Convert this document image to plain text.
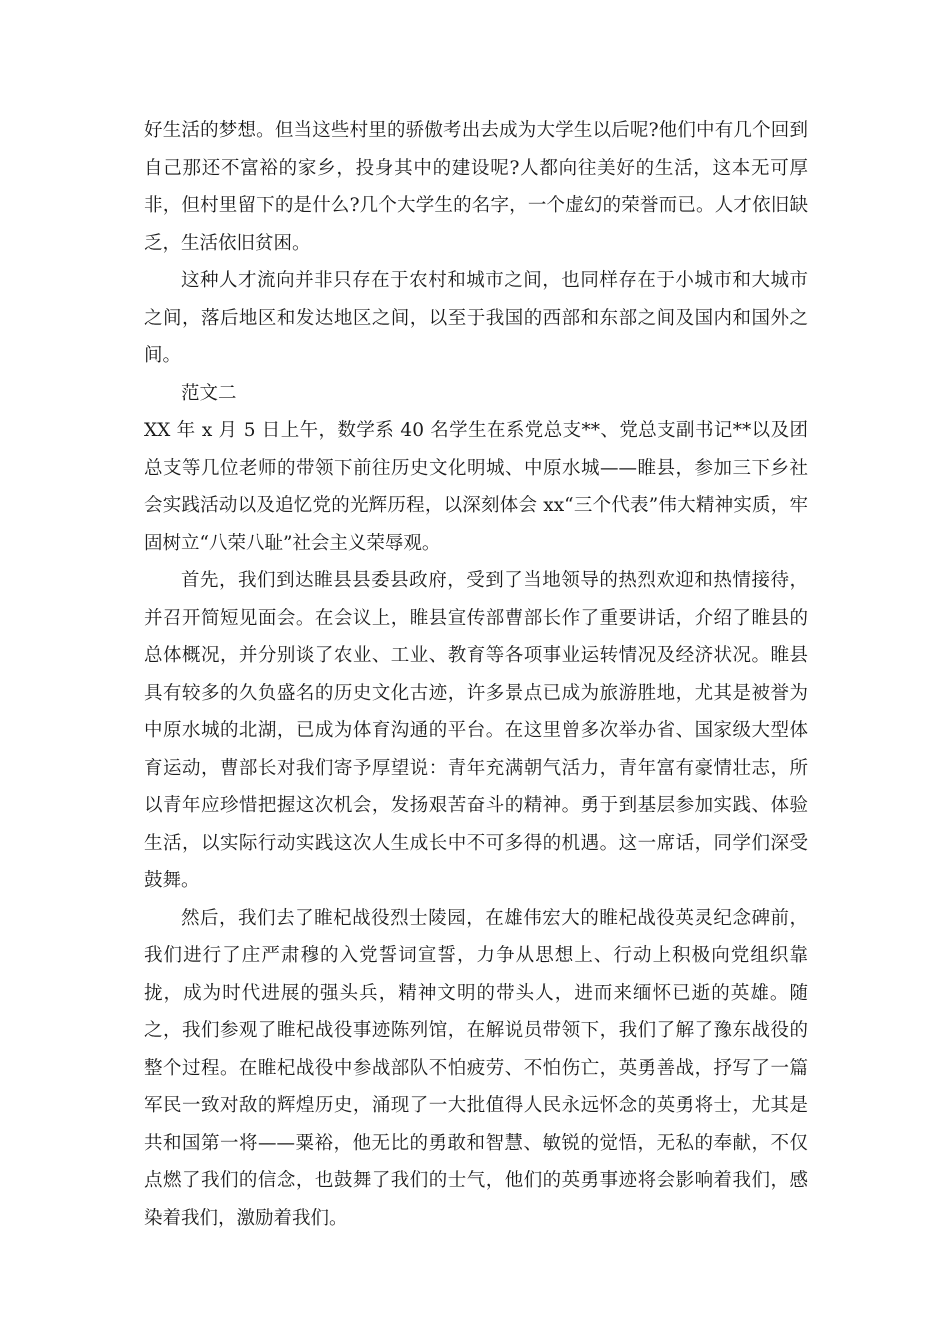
好生活的梦想。但当这些村里的骄傲考出去成为大学生以后呢?他们中有几个回到自己那还不富裕的家乡，投身其中的建设呢?人都向往美好的生活，这本无可厚非，但村里留下的是什么?几个大学生的名字，一个虚幻的荣誉而已。人才依旧缺乏，生活依旧贫困。

这种人才流向并非只存在于农村和城市之间，也同样存在于小城市和大城市之间，落后地区和发达地区之间，以至于我国的西部和东部之间及国内和国外之间。

范文二

XX 年 x 月 5 日上午，数学系 40 名学生在系党总支**、党总支副书记**以及团总支等几位老师的带领下前往历史文化明城、中原水城——睢县，参加三下乡社会实践活动以及追忆党的光辉历程，以深刻体会 xx“三个代表”伟大精神实质，牢固树立“八荣八耻”社会主义荣辱观。

首先，我们到达睢县县委县政府，受到了当地领导的热烈欢迎和热情接待，并召开简短见面会。在会议上，睢县宣传部曹部长作了重要讲话，介绍了睢县的总体概况，并分别谈了农业、工业、教育等各项事业运转情况及经济状况。睢县具有较多的久负盛名的历史文化古迹，许多景点已成为旅游胜地，尤其是被誉为中原水城的北湖，已成为体育沟通的平台。在这里曾多次举办省、国家级大型体育运动，曹部长对我们寄予厚望说：青年充满朝气活力，青年富有豪情壮志，所以青年应珍惜把握这次机会，发扬艰苦奋斗的精神。勇于到基层参加实践、体验生活，以实际行动实践这次人生成长中不可多得的机遇。这一席话，同学们深受鼓舞。

然后，我们去了睢杞战役烈士陵园，在雄伟宏大的睢杞战役英灵纪念碑前，我们进行了庄严肃穆的入党誓词宣誓，力争从思想上、行动上积极向党组织靠拢，成为时代进展的强头兵，精神文明的带头人，进而来缅怀已逝的英雄。随之，我们参观了睢杞战役事迹陈列馆，在解说员带领下，我们了解了豫东战役的整个过程。在睢杞战役中参战部队不怕疲劳、不怕伤亡，英勇善战，抒写了一篇军民一致对敌的辉煌历史，涌现了一大批值得人民永远怀念的英勇将士，尤其是共和国第一将——粟裕，他无比的勇敢和智慧、敏锐的觉悟，无私的奉献，不仅点燃了我们的信念，也鼓舞了我们的士气，他们的英勇事迹将会影响着我们，感染着我们，激励着我们。
